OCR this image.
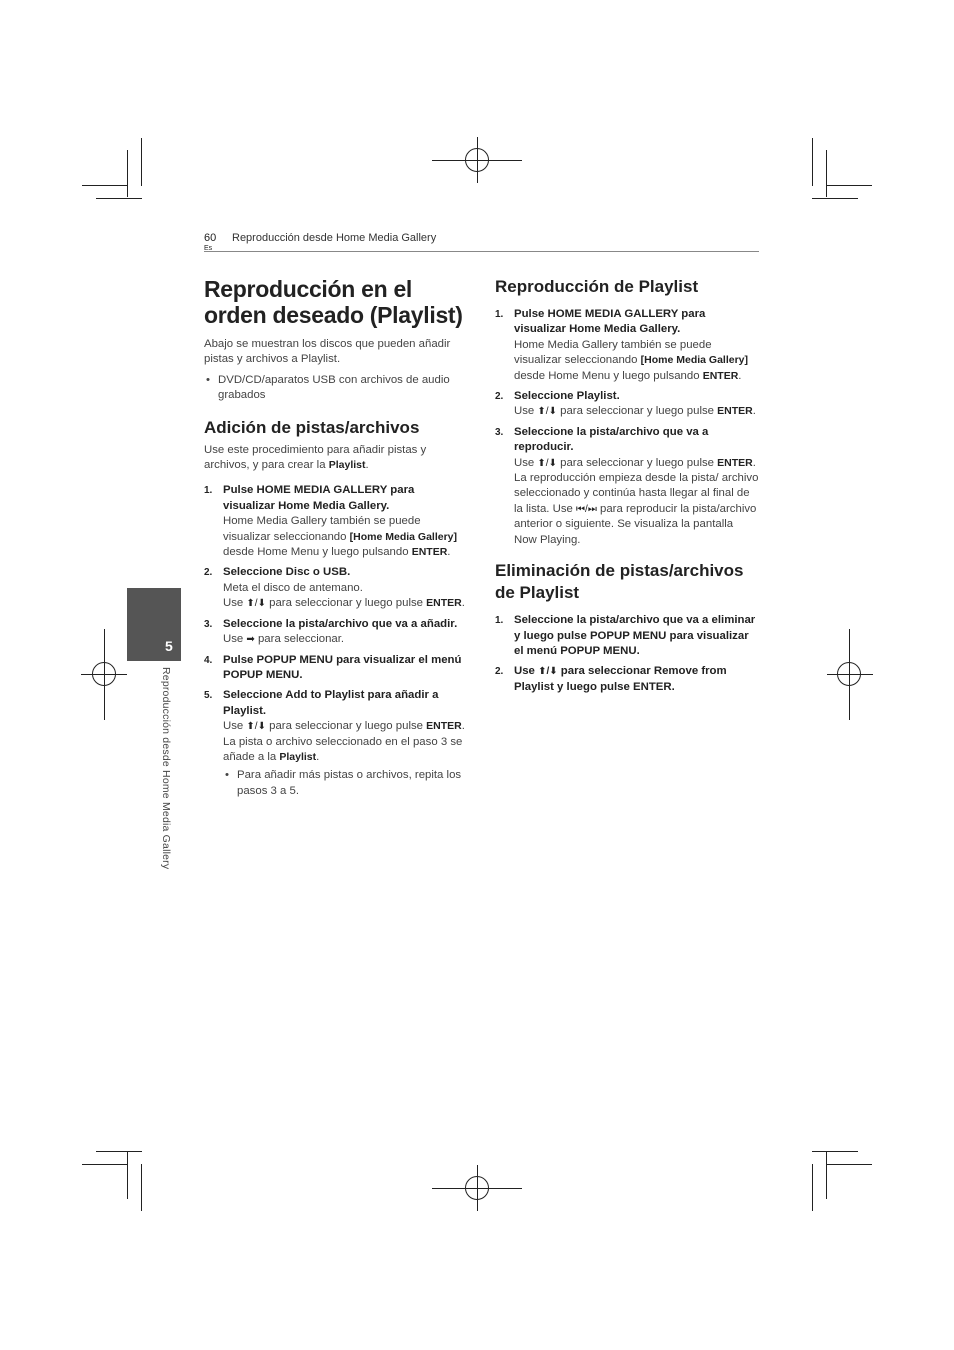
60
Es
Reproducción desde Home Media Gallery
5
Reproducción desde Home Media Gallery
Reproducción en el
orden deseado (Playlist)

Abajo se muestran los discos que pueden añadir pistas y archivos a Playlist.

• DVD/CD/aparatos USB con archivos de audio grabados
Adición de pistas/archivos

Use este procedimiento para añadir pistas y archivos, y para crear la Playlist.

1. Pulse HOME MEDIA GALLERY para visualizar Home Media Gallery.
Home Media Gallery también se puede visualizar seleccionando [Home Media Gallery] desde Home Menu y luego pulsando ENTER.
2. Seleccione Disc o USB.
Meta el disco de antemano.
Use ⬆/⬇ para seleccionar y luego pulse ENTER.
3. Seleccione la pista/archivo que va a añadir.
Use ➡ para seleccionar.
4. Pulse POPUP MENU para visualizar el menú POPUP MENU.
5. Seleccione Add to Playlist para añadir a Playlist.
Use ⬆/⬇ para seleccionar y luego pulse ENTER.
La pista o archivo seleccionado en el paso 3 se añade a la Playlist.
• Para añadir más pistas o archivos, repita los pasos 3 a 5.
Reproducción de Playlist
1. Pulse HOME MEDIA GALLERY para visualizar Home Media Gallery.
Home Media Gallery también se puede visualizar seleccionando [Home Media Gallery] desde Home Menu y luego pulsando ENTER.
2. Seleccione Playlist.
Use ⬆/⬇ para seleccionar y luego pulse ENTER.
3. Seleccione la pista/archivo que va a reproducir.
Use ⬆/⬇ para seleccionar y luego pulse ENTER.
La reproducción empieza desde la pista/ archivo seleccionado y continúa hasta llegar al final de la lista. Use ⏮/⏭ para reproducir la pista/archivo anterior o siguiente. Se visualiza la pantalla Now Playing.
Eliminación de pistas/archivos de Playlist
1. Seleccione la pista/archivo que va a eliminar y luego pulse POPUP MENU para visualizar el menú POPUP MENU.
2. Use ⬆/⬇ para seleccionar Remove from Playlist y luego pulse ENTER.
